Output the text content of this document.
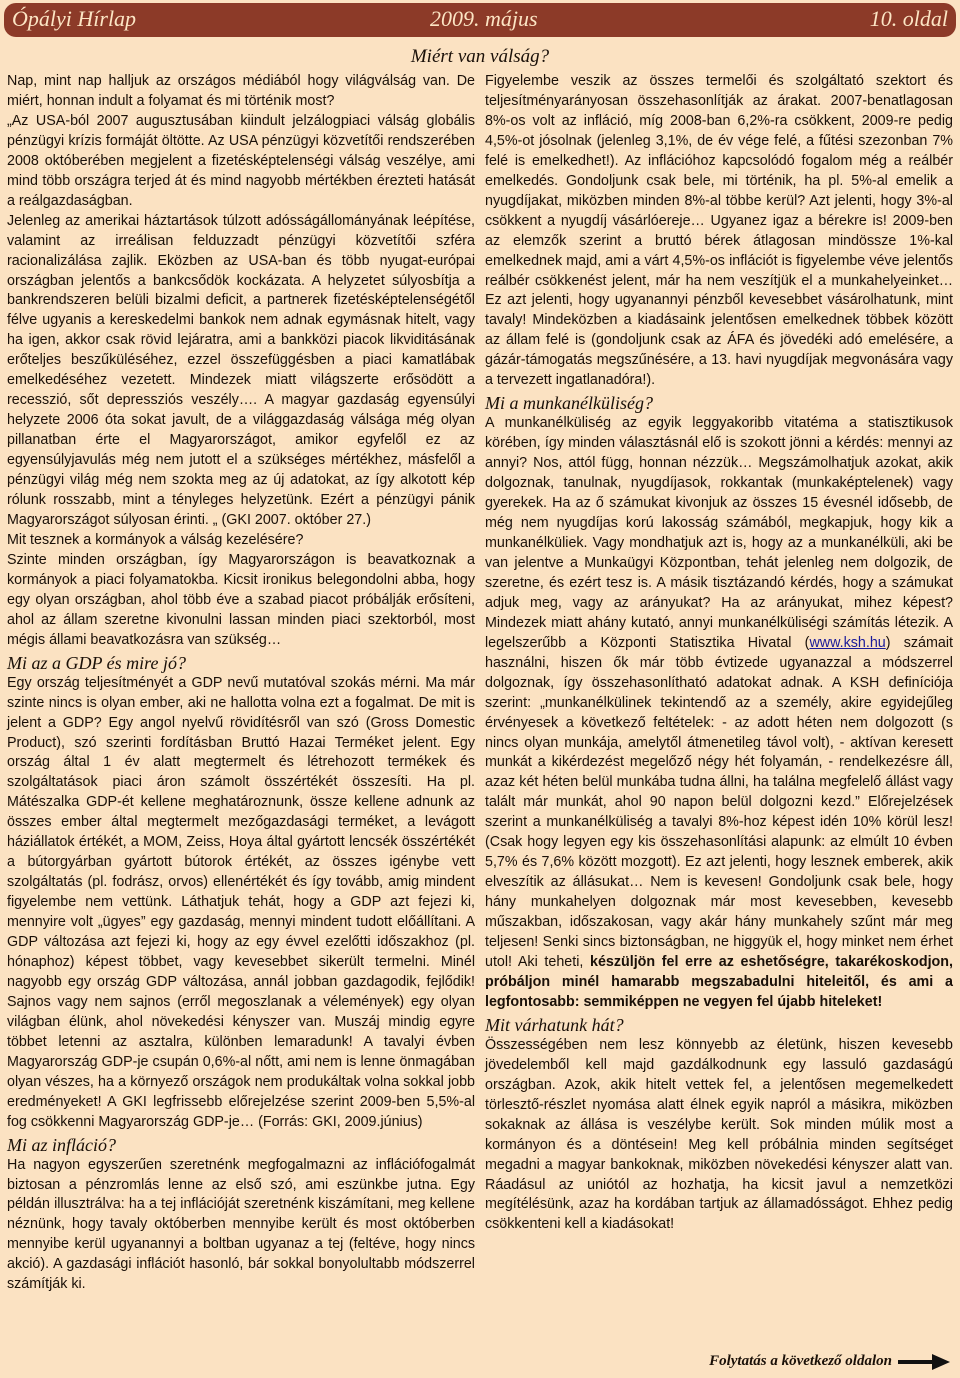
Ópályi Hírlap	2009. május	10. oldal
Miért van válság?

Nap, mint nap halljuk az országos médiából hogy világválság van. De miért, honnan indult a folyamat és mi történik most?

„Az USA-ból 2007 augusztusában kiindult jelzálogpiaci válság globális pénzügyi krízis formáját öltötte. Az USA pénzügyi közvetítői rendszerében 2008 októberében megjelent a fizetésképtelenségi válság veszélye, ami mind több országra terjed át és mind nagyobb mértékben érezteti hatását a reálgazdaságban.

Jelenleg az amerikai háztartások túlzott adósságállományának leépítése, valamint az irreálisan felduzzadt pénzügyi közvetítői szféra racionalizálása zajlik. Eközben az USA-ban és több nyugat-európai országban jelentős a bankcsődök kockázata. A helyzetet súlyosbítja a bankrendszeren belüli bizalmi deficit, a partnerek fizetésképtelenségétől félve ugyanis a kereskedelmi bankok nem adnak egymásnak hitelt, vagy ha igen, akkor csak rövid lejáratra, ami a bankközi piacok likviditásának erőteljes beszűküléséhez, ezzel összefüggésben a piaci kamatlábak emelkedéséhez vezetett. Mindezek miatt világszerte erősödött a recesszió, sőt depressziós veszély…. A magyar gazdaság egyensúlyi helyzete 2006 óta sokat javult, de a világgazdaság válsága még olyan pillanatban érte el Magyarországot, amikor egyfelől ez az egyensúlyjavulás még nem jutott el a szükséges mértékhez, másfelől a pénzügyi világ még nem szokta meg az új adatokat, az így alkotott kép rólunk rosszabb, mint a tényleges helyzetünk. Ezért a pénzügyi pánik Magyarországot súlyosan érinti. „ (GKI 2007. október 27.)

Mit tesznek a kormányok a válság kezelésére?

Szinte minden országban, így Magyarországon is beavatkoznak a kormányok a piaci folyamatokba. Kicsit ironikus belegondolni abba, hogy egy olyan országban, ahol több éve a szabad piacot próbálják erősíteni, ahol az állam szeretne kivonulni lassan minden piaci szektorból, most mégis állami beavatkozásra van szükség…

Mi az a GDP és mire jó?

Egy ország teljesítményét a GDP nevű mutatóval szokás mérni. Ma már szinte nincs is olyan ember, aki ne hallotta volna ezt a fogalmat. De mit is jelent a GDP? Egy angol nyelvű rövidítésről van szó (Gross Domestic Product), szó szerinti fordításban Bruttó Hazai Terméket jelent. Egy ország által 1 év alatt megtermelt és létrehozott termékek és szolgáltatások piaci áron számolt összértékét összesíti. Ha pl. Mátészalka GDP-ét kellene meghatároznunk, össze kellene adnunk az összes ember által megtermelt mezőgazdasági terméket, a levágott háziállatok értékét, a MOM, Zeiss, Hoya által gyártott lencsék összértékét a bútorgyárban gyártott bútorok értékét, az összes igénybe vett szolgáltatás (pl. fodrász, orvos) ellenértékét és így tovább, amig mindent figyelembe nem vettünk. Láthatjuk tehát, hogy a GDP azt fejezi ki, mennyire volt „ügyes” egy gazdaság, mennyi mindent tudott előállítani. A GDP változása azt fejezi ki, hogy az egy évvel ezelőtti időszakhoz (pl. hónaphoz) képest többet, vagy kevesebbet sikerült termelni. Minél nagyobb egy ország GDP változása, annál jobban gazdagodik, fejlődik! Sajnos vagy nem sajnos (erről megoszlanak a vélemények) egy olyan világban élünk, ahol növekedési kényszer van. Muszáj mindig egyre többet letenni az asztalra, különben lemaradunk! A tavalyi évben Magyarország GDP-je csupán 0,6%-al nőtt, ami nem is lenne önmagában olyan vészes, ha a környező országok nem produkáltak volna sokkal jobb eredményeket! A GKI legfrissebb előrejelzése szerint 2009-ben 5,5%-al fog csökkenni Magyarország GDP-je… (Forrás: GKI, 2009.június)

Mi az infláció?

Ha nagyon egyszerűen szeretnénk megfogalmazni az inflációfogalmát biztosan a pénzromlás lenne az első szó, ami eszünkbe jutna. Egy példán illusztrálva: ha a tej inflációját szeretnénk kiszámítani, meg kellene néznünk, hogy tavaly októberben mennyibe került és most októberben mennyibe kerül ugyanannyi a boltban ugyanaz a tej (feltéve, hogy nincs akció). A gazdasági inflációt hasonló, bár sokkal bonyolultabb módszerrel számítják ki.

Figyelembe veszik az összes termelői és szolgáltató szektort és teljesítményarányosan összehasonlítják az árakat. 2007-benatlagosan 8%-os volt az infláció, míg 2008-ban 6,2%-ra csökkent, 2009-re pedig 4,5%-ot jósolnak (jelenleg 3,1%, de év vége felé, a fűtési szezonban 7% felé is emelkedhet!). Az inflációhoz kapcsolódó fogalom még a reálbér emelkedés. Gondoljunk csak bele, mi történik, ha pl. 5%-al emelik a nyugdíjakat, miközben minden 8%-al többe kerül? Azt jelenti, hogy 3%-al csökkent a nyugdíj vásárlóereje… Ugyanez igaz a bérekre is! 2009-ben az elemzők szerint a bruttó bérek átlagosan mindössze 1%-kal emelkednek majd, ami a várt 4,5%-os inflációt is figyelembe véve jelentős reálbér csökkenést jelent, már ha nem veszítjük el a munkahelyeinket… Ez azt jelenti, hogy ugyanannyi pénzből kevesebbet vásárolhatunk, mint tavaly! Mindeközben a kiadásaink jelentősen emelkednek többek között az állam felé is (gondoljunk csak az ÁFA és jövedéki adó emelésére, a gázár-támogatás megszűnésére, a 13. havi nyugdíjak megvonására vagy a tervezett ingatlanadóra!).

Mi a munkanélküliség?

A munkanélküliség az egyik leggyakoribb vitatéma a statisztikusok körében, így minden választásnál elő is szokott jönni a kérdés: mennyi az annyi? Nos, attól függ, honnan nézzük… Megszámolhatjuk azokat, akik dolgoznak, tanulnak, nyugdíjasok, rokkantak (munkaképtelenek) vagy gyerekek. Ha az ő számukat kivonjuk az összes 15 évesnél idősebb, de még nem nyugdíjas korú lakosság számából, megkapjuk, hogy kik a munkanélküliek. Vagy mondhatjuk azt is, hogy az a munkanélküli, aki be van jelentve a Munkaügyi Központban, tehát jelenleg nem dolgozik, de szeretne, és ezért tesz is. A másik tisztázandó kérdés, hogy a számukat adjuk meg, vagy az arányukat? Ha az arányukat, mihez képest? Mindezek miatt ahány kutató, annyi munkanélküliségi számítás létezik. A legelszerűbb a Központi Statisztika Hivatal (www.ksh.hu) számait használni, hiszen ők már több évtizede ugyanazzal a módszerrel dolgoznak, így összehasonlítható adatokat adnak. A KSH definíciója szerint: „munkanélkülinek tekintendő az a személy, akire egyidejűleg érvényesek a következő feltételek: - az adott héten nem dolgozott (s nincs olyan munkája, amelytől átmenetileg távol volt), - aktívan keresett munkát a kikérdezést megelőző négy hét folyamán, - rendelkezésre áll, azaz két héten belül munkába tudna állni, ha találna megfelelő állást vagy talált már munkát, ahol 90 napon belül dolgozni kezd.” Előrejelzések szerint a munkanélküliség a tavalyi 8%-hoz képest idén 10% körül lesz! (Csak hogy legyen egy kis összehasonlítási alapunk: az elmúlt 10 évben 5,7% és 7,6% között mozgott). Ez azt jelenti, hogy lesznek emberek, akik elveszítik az állásukat… Nem is kevesen! Gondoljunk csak bele, hogy hány munkahelyen dolgoznak már most kevesebben, kevesebb műszakban, időszakosan, vagy akár hány munkahely szűnt már meg teljesen! Senki sincs biztonságban, ne higgyük el, hogy minket nem érhet utol! Aki teheti, készüljön fel erre az eshetőségre, takarékoskodjon, próbáljon minél hamarabb megszabadulni hiteleitől, és ami a legfontosabb: semmiképpen ne vegyen fel újabb hiteleket!

Mit várhatunk hát?

Összességében nem lesz könnyebb az életünk, hiszen kevesebb jövedelemből kell majd gazdálkodnunk egy lassuló gazdaságú országban. Azok, akik hitelt vettek fel, a jelentősen megemelkedett törlesztő-részlet nyomása alatt élnek egyik napról a másikra, miközben sokaknak az állása is veszélybe került. Sok minden múlik most a kormányon és a döntésein! Meg kell próbálnia minden segítséget megadni a magyar bankoknak, miközben növekedési kényszer alatt van. Ráadásul az uniótól az hozhatja, ha kicsit javul a nemzetközi megítélésünk, azaz ha kordában tartjuk az államadósságot. Ehhez pedig csökkenteni kell a kiadásokat!

Folytatás a következő oldalon
